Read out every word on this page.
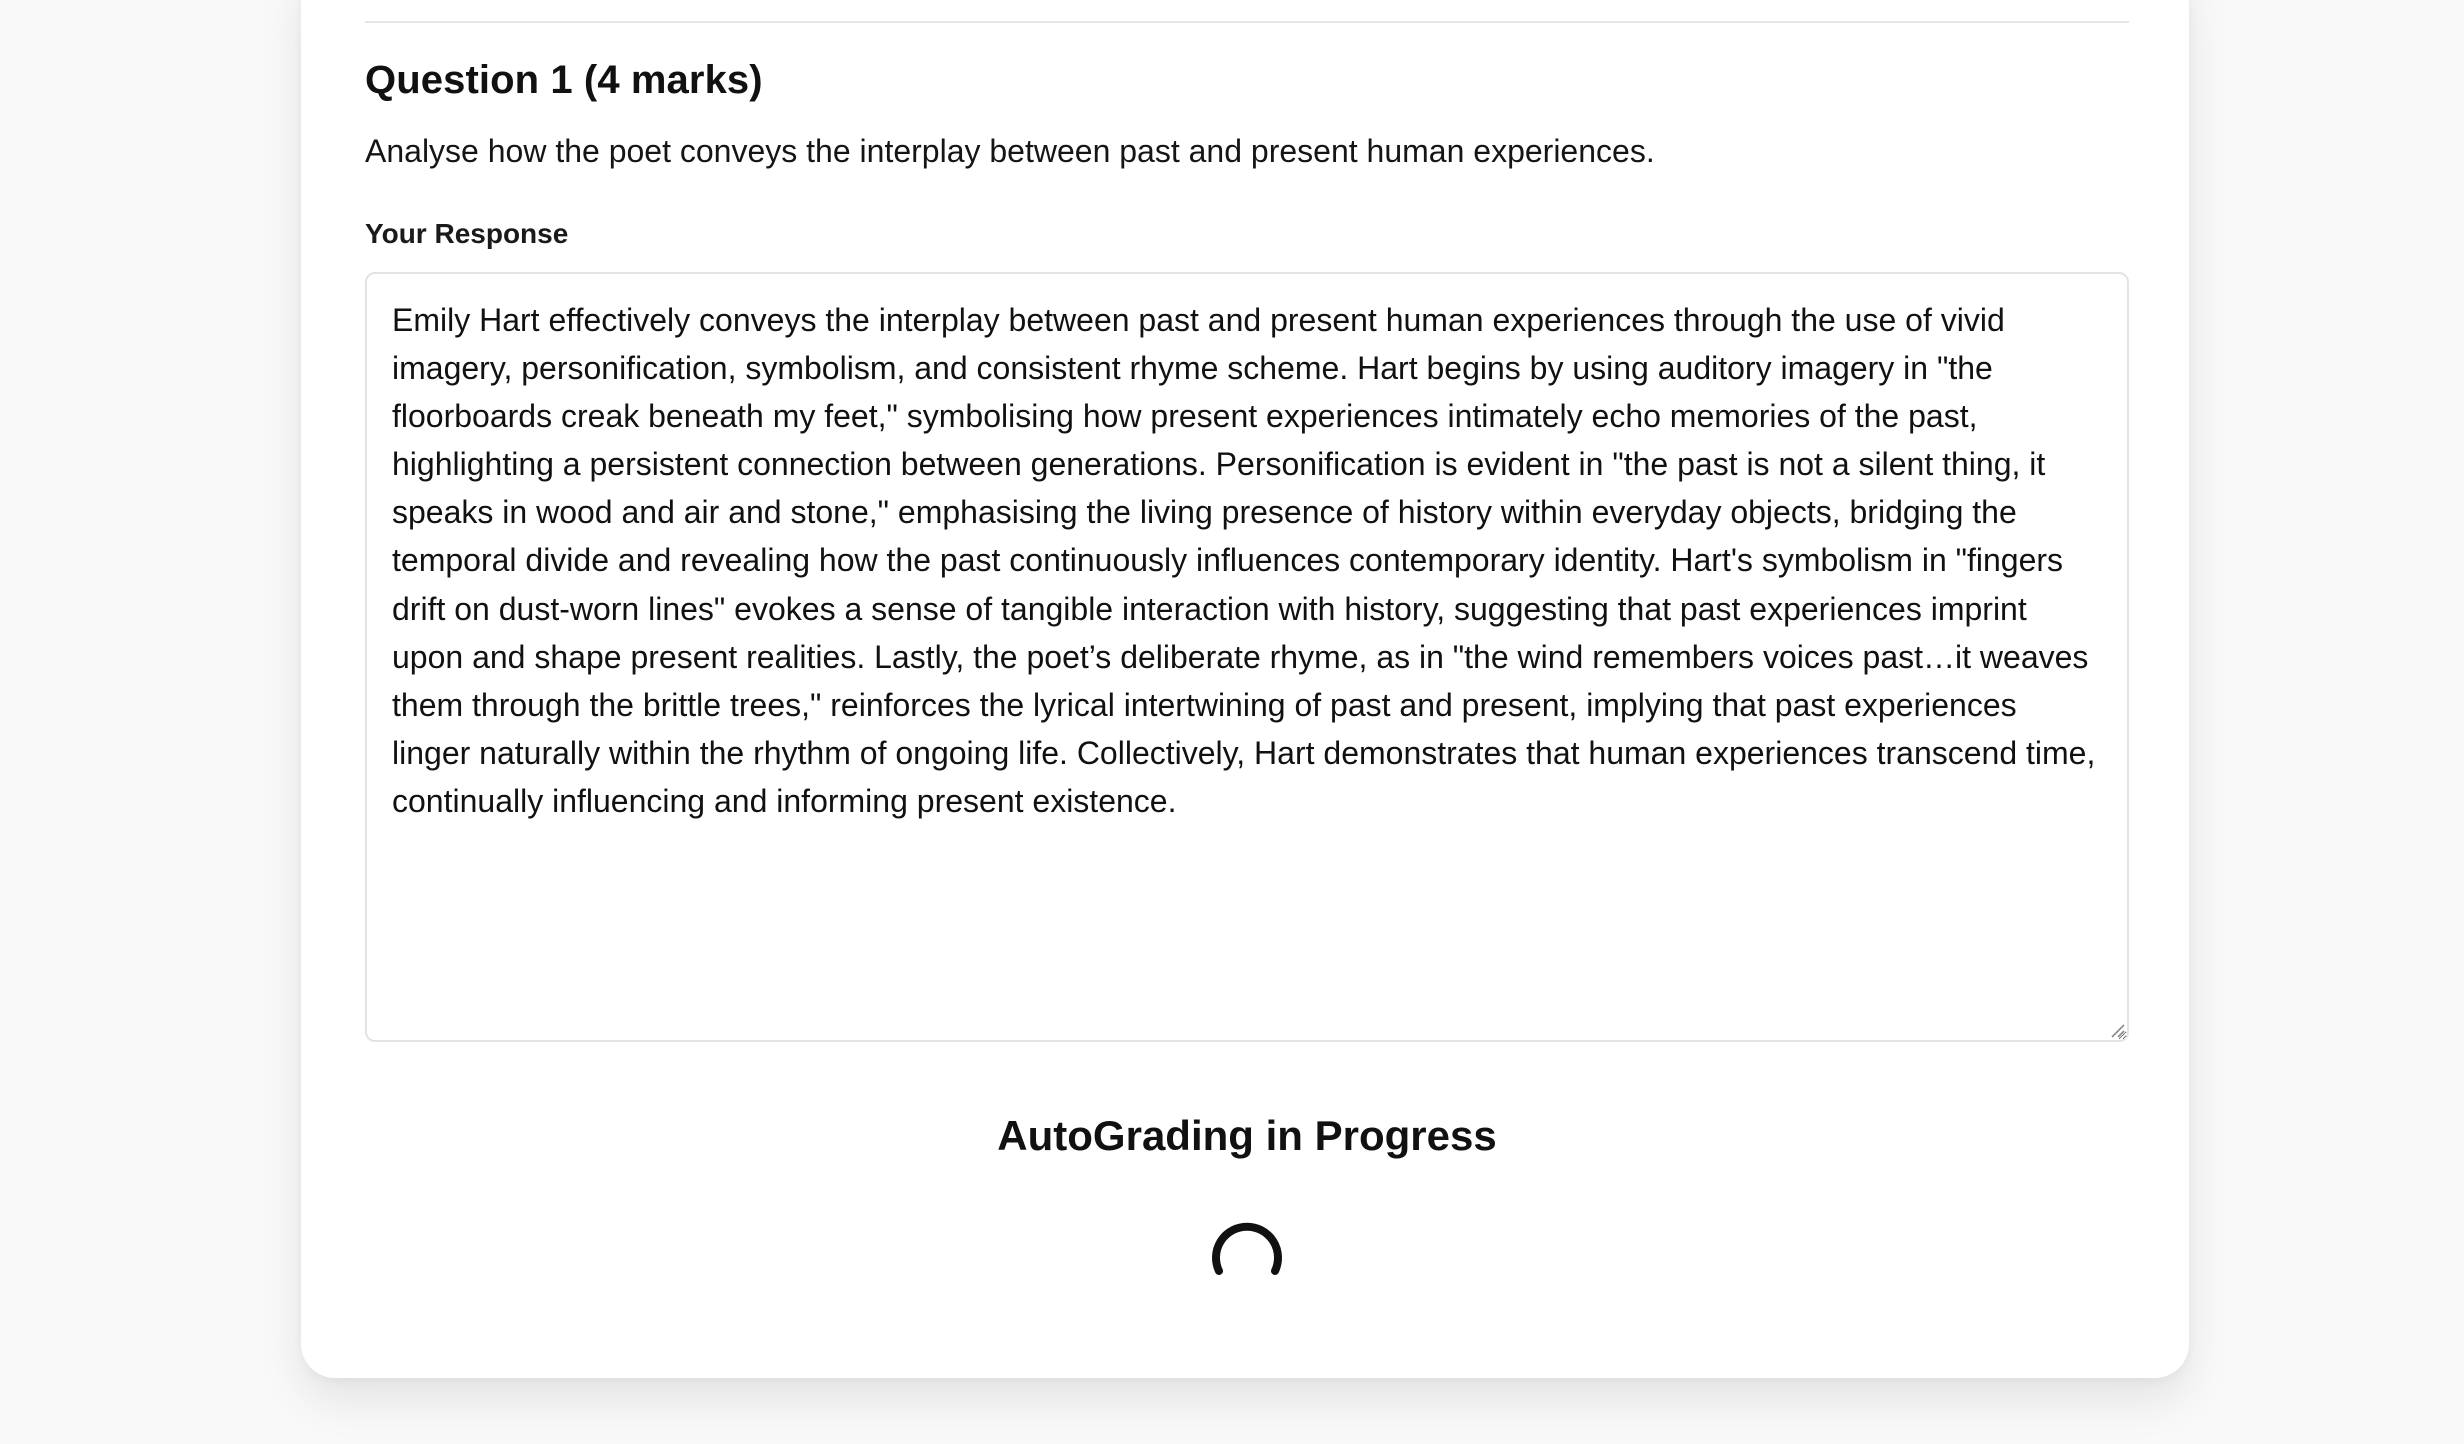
Question 1 (4 marks)

Analyse how the poet conveys the interplay between past and present human experiences.

Your Response
Emily Hart effectively conveys the interplay between past and present human experiences through the use of vivid imagery, personification, symbolism, and consistent rhyme scheme. Hart begins by using auditory imagery in "the floorboards creak beneath my feet," symbolising how present experiences intimately echo memories of the past, highlighting a persistent connection between generations. Personification is evident in "the past is not a silent thing, it speaks in wood and air and stone," emphasising the living presence of history within everyday objects, bridging the temporal divide and revealing how the past continuously influences contemporary identity. Hart's symbolism in "fingers drift on dust-worn lines" evokes a sense of tangible interaction with history, suggesting that past experiences imprint upon and shape present realities. Lastly, the poet’s deliberate rhyme, as in "the wind remembers voices past…it weaves them through the brittle trees," reinforces the lyrical intertwining of past and present, implying that past experiences linger naturally within the rhythm of ongoing life. Collectively, Hart demonstrates that human experiences transcend time, continually influencing and informing present existence.
AutoGrading in Progress
